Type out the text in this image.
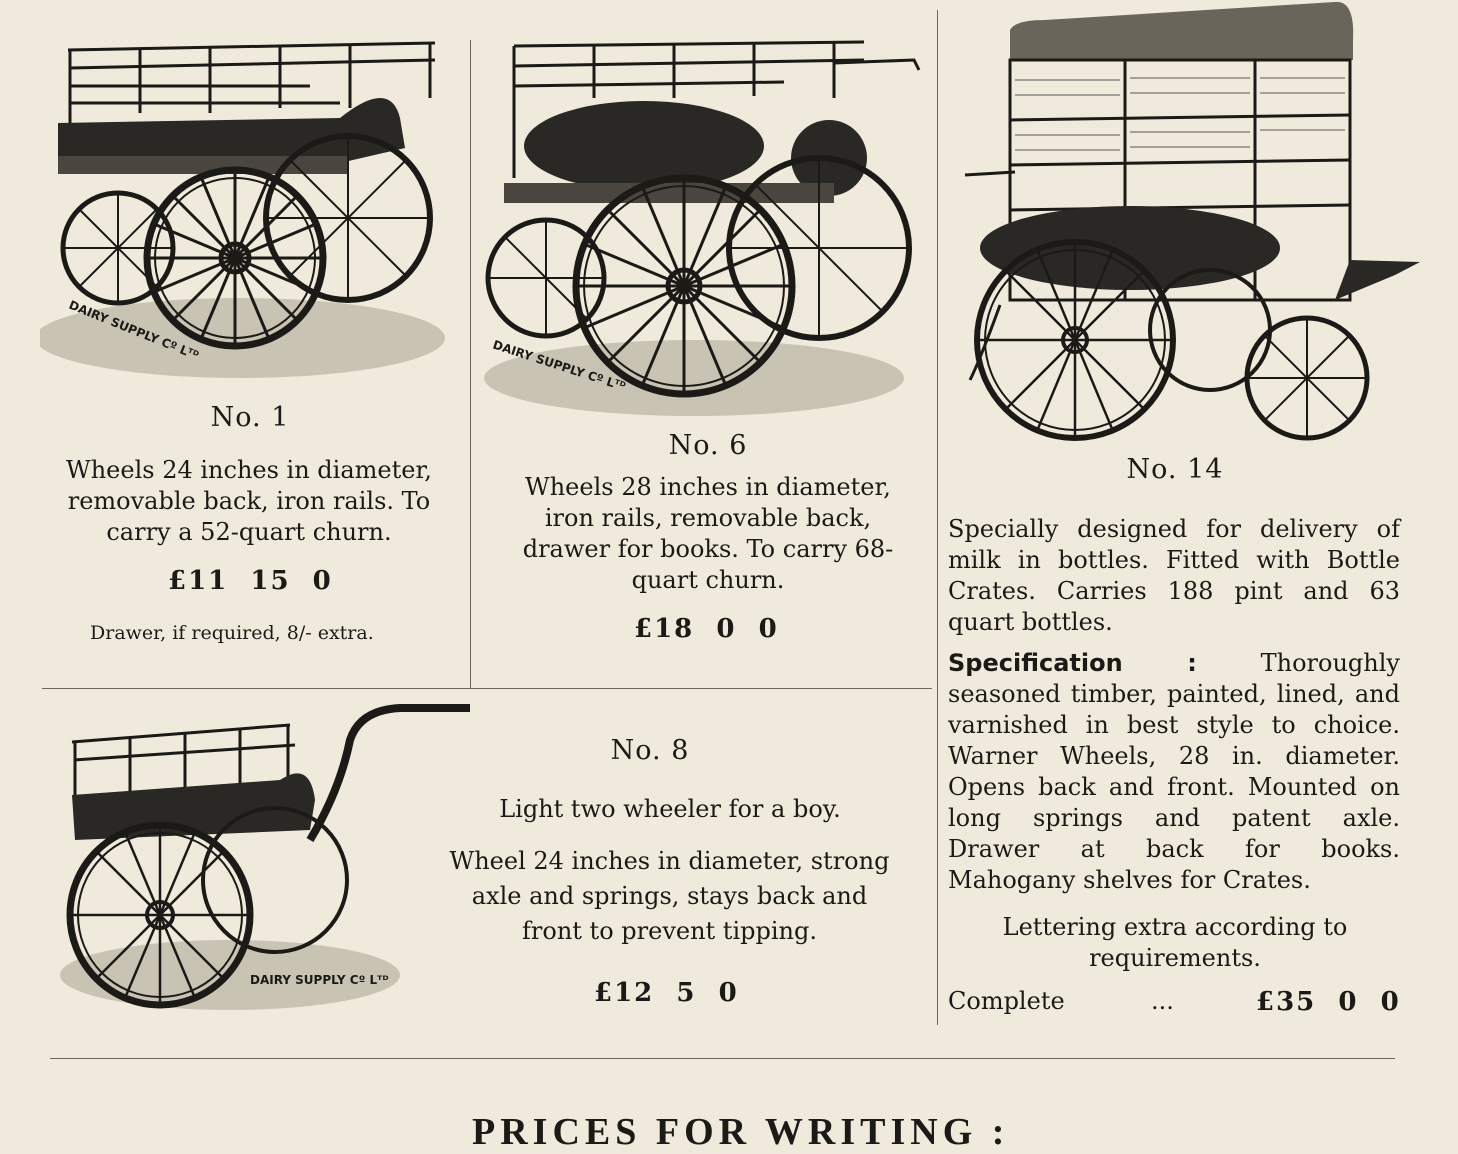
DAIRY SUPPLY Cº Lᵀᴰ
DAIRY SUPPLY Cº Lᵀᴰ
DAIRY SUPPLY Cº Lᵀᴰ
No. 1
Wheels 24 inches in diameter, removable back, iron rails. To carry a 52-quart churn.
£11  15  0
Drawer, if required, 8/- extra.
No. 6
Wheels 28 inches in diameter, iron rails, removable back, drawer for books. To carry 68-quart churn.
£18  0  0
No. 14
Specially designed for delivery of milk in bottles. Fitted with Bottle Crates. Carries 188 pint and 63 quart bottles.
Specification :	Thoroughly seasoned timber, painted, lined, and varnished in best style to choice. Warner Wheels, 28 in. diameter. Opens back and front. Mounted on long springs and patent axle. Drawer at back for books. Mahogany shelves for Crates.
Lettering extra according to requirements.
Complete	...	£35  0  0
No. 8
Light two wheeler for a boy.
Wheel 24 inches in diameter, strong axle and springs, stays back and front to prevent tipping.
£12  5  0
PRICES FOR WRITING :
